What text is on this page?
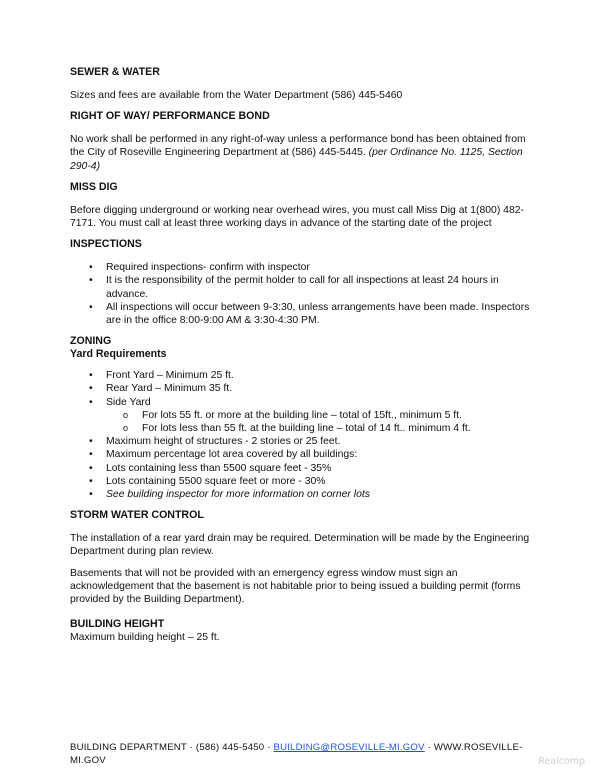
SEWER & WATER

Sizes and fees are available from the Water Department (586) 445-5460

RIGHT OF WAY/ PERFORMANCE BOND

No work shall be performed in any right-of-way unless a performance bond has been obtained from the City of Roseville Engineering Department at (586) 445-5445. (per Ordinance No. 1125, Section 290-4)

MISS DIG

Before digging underground or working near overhead wires, you must call Miss Dig at 1(800) 482-7171. You must call at least three working days in advance of the starting date of the project

INSPECTIONS
• Required inspections- confirm with inspector
• It is the responsibility of the permit holder to call for all inspections at least 24 hours in advance.
• All inspections will occur between 9-3:30, unless arrangements have been made. Inspectors are in the office 8:00-9:00 AM & 3:30-4:30 PM.
ZONING
Yard Requirements
• Front Yard – Minimum 25 ft.
• Rear Yard – Minimum 35 ft.
• Side Yard
o For lots 55 ft. or more at the building line – total of 15ft., minimum 5 ft.
o For lots less than 55 ft. at the building line – total of 14 ft.. minimum 4 ft.
• Maximum height of structures - 2 stories or 25 feet.
• Maximum percentage lot area covered by all buildings:
• Lots containing less than 5500 square feet - 35%
• Lots containing 5500 square feet or more - 30%
• See building inspector for more information on corner lots
STORM WATER CONTROL

The installation of a rear yard drain may be required. Determination will be made by the Engineering Department during plan review.

Basements that will not be provided with an emergency egress window must sign an acknowledgement that the basement is not habitable prior to being issued a building permit (forms provided by the Building Department).

BUILDING HEIGHT

Maximum building height – 25 ft.

BUILDING DEPARTMENT · (586) 445-5450 · BUILDING@ROSEVILLE-MI.GOV · WWW.ROSEVILLE-MI.GOV	Realcomp
